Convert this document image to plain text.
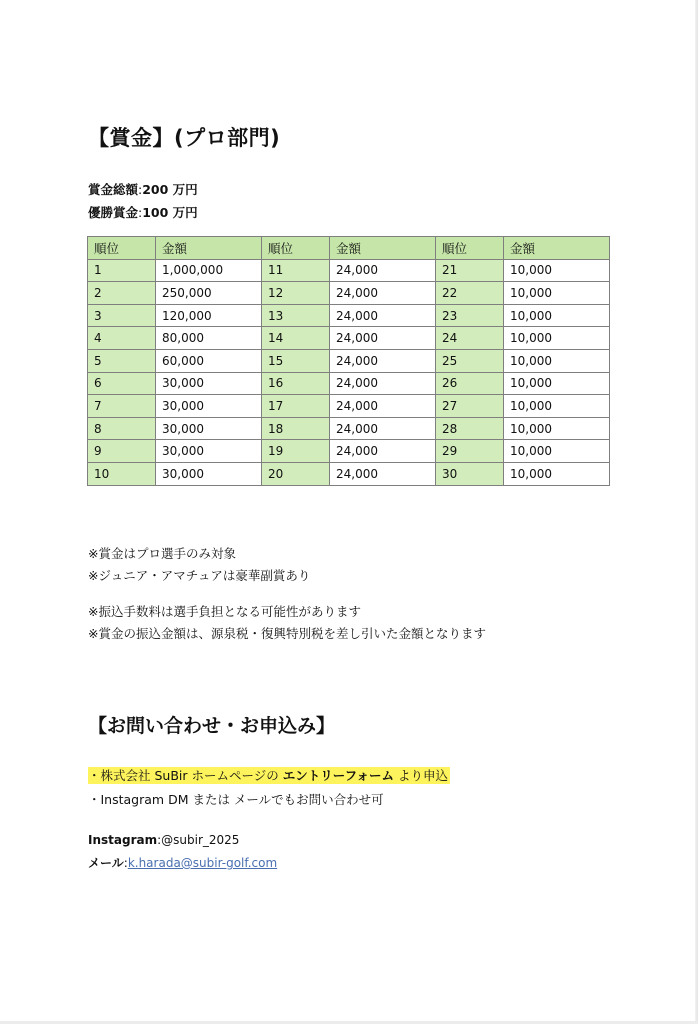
【賞金】(プロ部門)
賞金総額:200 万円
優勝賞金:100 万円
順位	金額	順位	金額	順位	金額
1	1,000,000	11	24,000	21	10,000
2	250,000	12	24,000	22	10,000
3	120,000	13	24,000	23	10,000
4	80,000	14	24,000	24	10,000
5	60,000	15	24,000	25	10,000
6	30,000	16	24,000	26	10,000
7	30,000	17	24,000	27	10,000
8	30,000	18	24,000	28	10,000
9	30,000	19	24,000	29	10,000
10	30,000	20	24,000	30	10,000
※賞金はプロ選手のみ対象
※ジュニア・アマチュアは豪華副賞あり
※振込手数料は選手負担となる可能性があります
※賞金の振込金額は、源泉税・復興特別税を差し引いた金額となります
【お問い合わせ・お申込み】
・株式会社 SuBir ホームページの エントリーフォーム より申込
・Instagram DM または メールでもお問い合わせ可
Instagram:@subir_2025
メール:k.harada@subir-golf.com
